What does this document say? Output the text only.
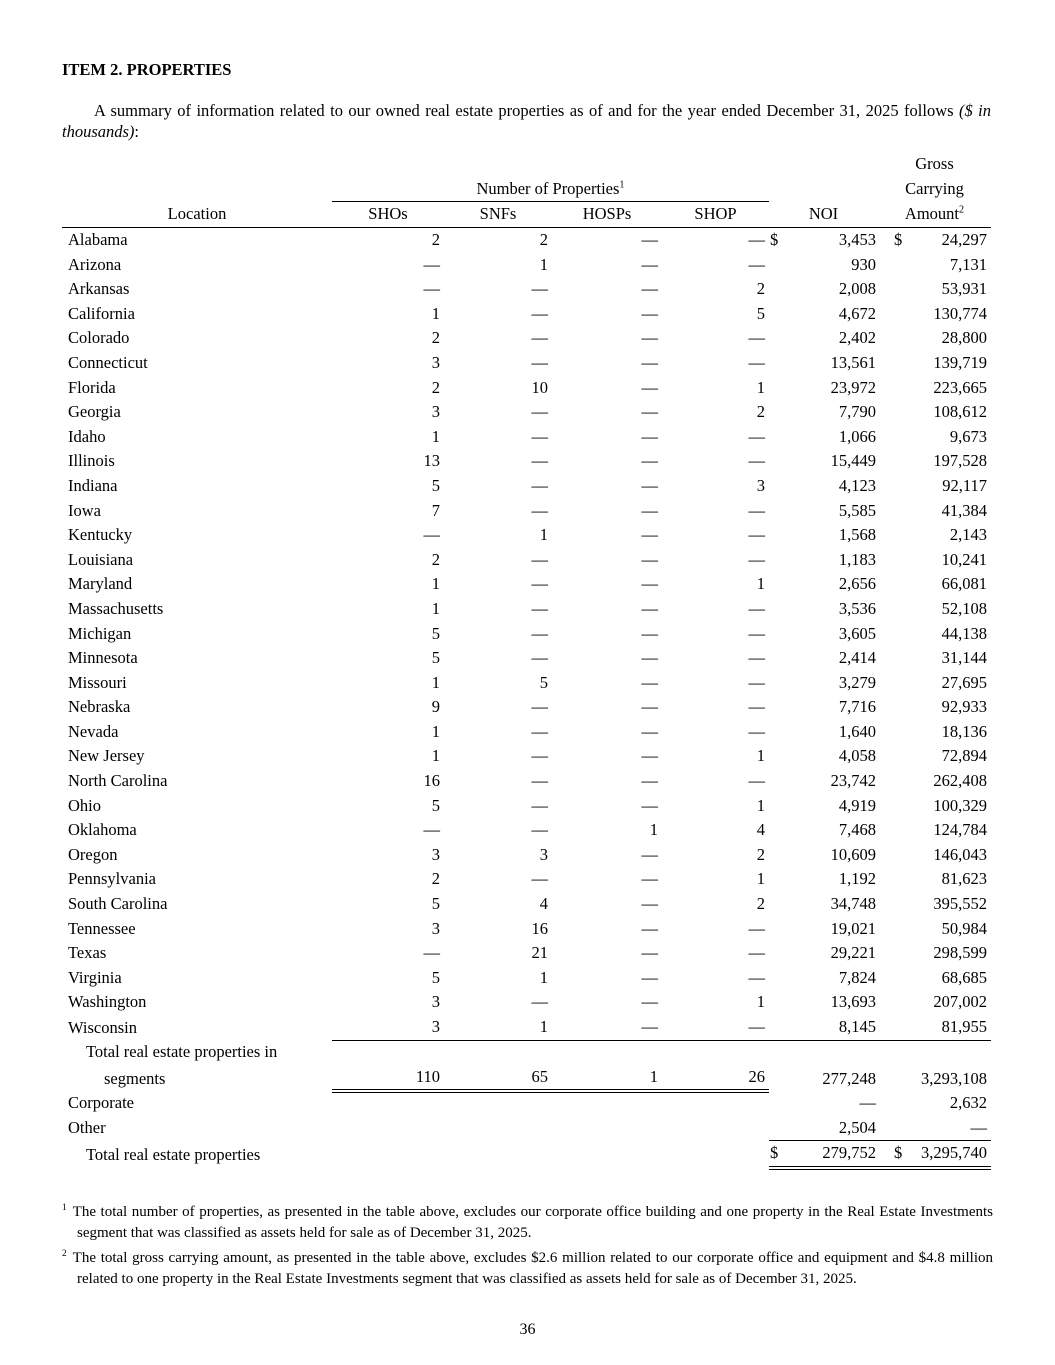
ITEM 2. PROPERTIES

A summary of information related to our owned real estate properties as of and for the year ended December 31, 2025 follows ($ in thousands):

							Gross	
	Number of Properties$^1$						Carrying	
Location	SHOs	SNFs	HOSPs	SHOP	NOI		Amount$^2$
Alabama	2	2	—	—	$	3,453	$	24,297
Arizona	—	1	—	—		930		7,131
Arkansas	—	—	—	2		2,008		53,931
California	1	—	—	5		4,672		130,774
Colorado	2	—	—	—		2,402		28,800
Connecticut	3	—	—	—		13,561		139,719
Florida	2	10	—	1		23,972		223,665
Georgia	3	—	—	2		7,790		108,612
Idaho	1	—	—	—		1,066		9,673
Illinois	13	—	—	—		15,449		197,528
Indiana	5	—	—	3		4,123		92,117
Iowa	7	—	—	—		5,585		41,384
Kentucky	—	1	—	—		1,568		2,143
Louisiana	2	—	—	—		1,183		10,241
Maryland	1	—	—	1		2,656		66,081
Massachusetts	1	—	—	—		3,536		52,108
Michigan	5	—	—	—		3,605		44,138
Minnesota	5	—	—	—		2,414		31,144
Missouri	1	5	—	—		3,279		27,695
Nebraska	9	—	—	—		7,716		92,933
Nevada	1	—	—	—		1,640		18,136
New Jersey	1	—	—	1		4,058		72,894
North Carolina	16	—	—	—		23,742		262,408
Ohio	5	—	—	1		4,919		100,329
Oklahoma	—	—	1	4		7,468		124,784
Oregon	3	3	—	2		10,609		146,043
Pennsylvania	2	—	—	1		1,192		81,623
South Carolina	5	4	—	2		34,748		395,552
Tennessee	3	16	—	—		19,021		50,984
Texas	—	21	—	—		29,221		298,599
Virginia	5	1	—	—		7,824		68,685
Washington	3	—	—	1		13,693		207,002
Wisconsin	3	1	—	—		8,145		81,955
Total real estate properties in								
segments	110	65	1	26		277,248		3,293,108
Corporate						—		2,632
Other						2,504		—
Total real estate properties					$	279,752	$	3,295,740
$^1$ The total number of properties, as presented in the table above, excludes our corporate office building and one property in the Real Estate Investments segment that was classified as assets held for sale as of December 31, 2025.
$^2$ The total gross carrying amount, as presented in the table above, excludes $2.6 million related to our corporate office and equipment and $4.8 million related to one property in the Real Estate Investments segment that was classified as assets held for sale as of December 31, 2025.
36
